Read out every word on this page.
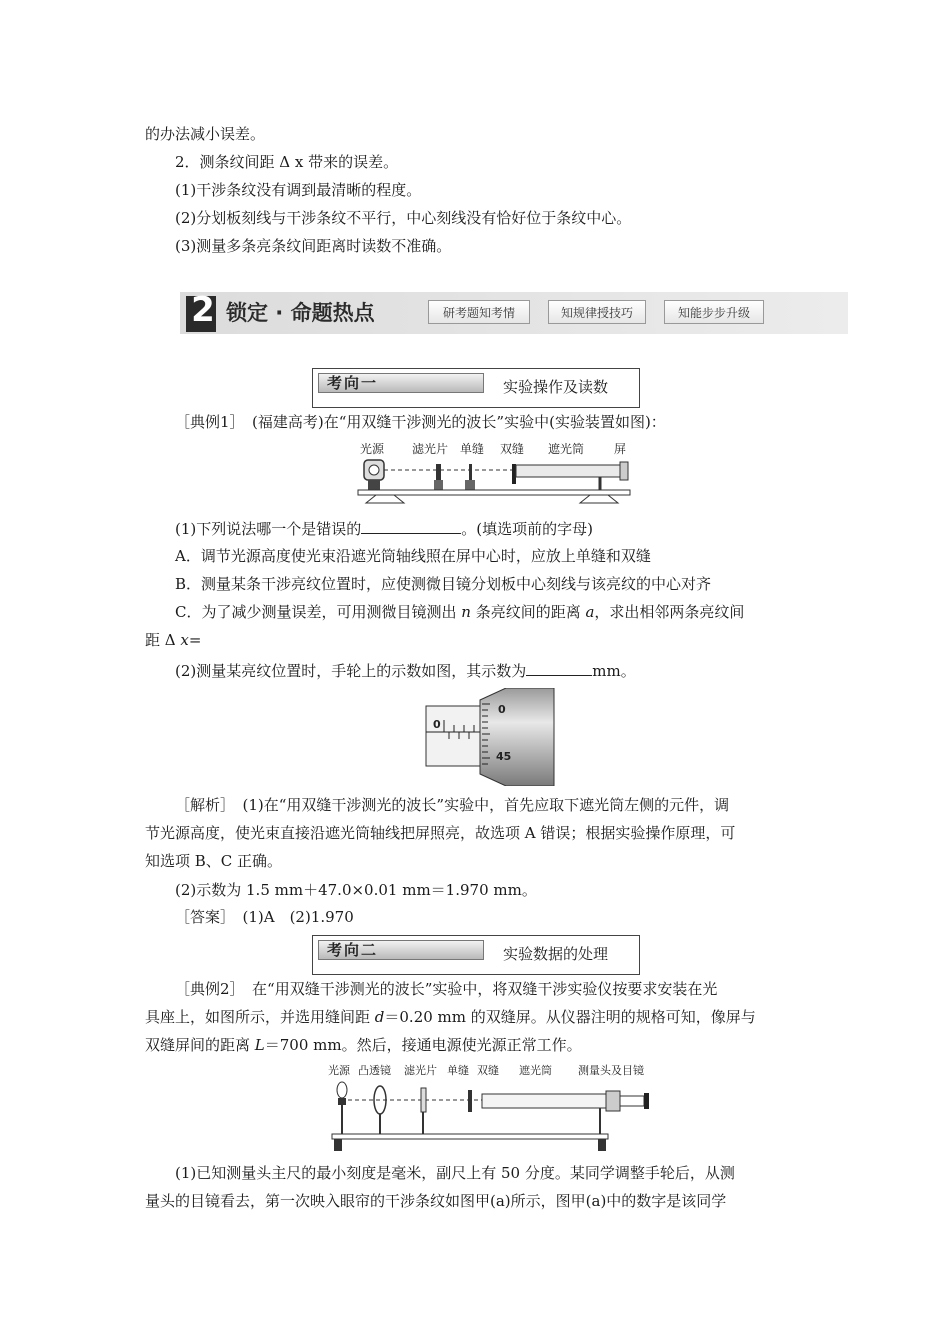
的办法减小误差。
2．测条纹间距 Δ x 带来的误差。
(1)干涉条纹没有调到最清晰的程度。
(2)分划板刻线与干涉条纹不平行，中心刻线没有恰好位于条纹中心。
(3)测量多条亮条纹间距离时读数不准确。
2 锁定 · 命题热点	研考题知考情	知规律授技巧	知能步步升级
考向一	实验操作及读数
［典例1］　(福建高考)在“用双缝干涉测光的波长”实验中(实验装置如图)：
光源 滤光片 单缝 双缝 遮光筒 屏
(1)下列说法哪一个是错误的	。(填选项前的字母)
A．调节光源高度使光束沿遮光筒轴线照在屏中心时，应放上单缝和双缝
B．测量某条干涉亮纹位置时，应使测微目镜分划板中心刻线与该亮纹的中心对齐
C．为了减少测量误差，可用测微目镜测出 n 条亮纹间的距离 a，求出相邻两条亮纹间
距 Δ x=
(2)测量某亮纹位置时，手轮上的示数如图，其示数为	mm。
0
0
45
［解析］　(1)在“用双缝干涉测光的波长”实验中，首先应取下遮光筒左侧的元件，调
节光源高度，使光束直接沿遮光筒轴线把屏照亮，故选项 A 错误；根据实验操作原理，可
知选项 B、C 正确。
(2)示数为 1.5 mm＋47.0×0.01 mm＝1.970 mm。
［答案］　(1)A　(2)1.970
考向二	实验数据的处理
［典例2］　在“用双缝干涉测光的波长”实验中，将双缝干涉实验仪按要求安装在光
具座上，如图所示，并选用缝间距 d＝0.20 mm 的双缝屏。从仪器注明的规格可知，像屏与
双缝屏间的距离 L＝700 mm。然后，接通电源使光源正常工作。
光源 凸透镜 滤光片 单缝 双缝 遮光筒 测量头及目镜
(1)已知测量头主尺的最小刻度是毫米，副尺上有 50 分度。某同学调整手轮后，从测
量头的目镜看去，第一次映入眼帘的干涉条纹如图甲(a)所示，图甲(a)中的数字是该同学
